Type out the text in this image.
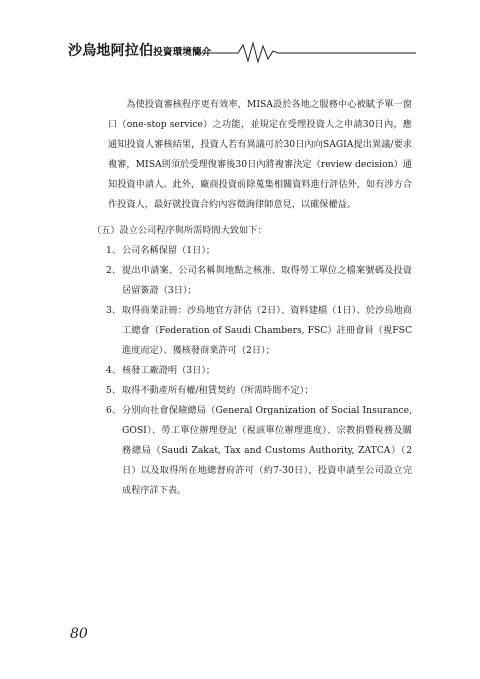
沙烏地阿拉伯投資環境簡介

為使投資審核程序更有效率，MISA設於各地之服務中心被賦予單一窗口（one-stop service）之功能，並規定在受理投資人之申請30日內，應通知投資人審核結果，投資人若有異議可於30日內向SAGIA提出異議/要求複審，MISA則須於受理復審後30日內將複審決定（review decision）通知投資申請人。此外，廠商投資前除蒐集相關資料進行評估外，如有涉方合作投資人，最好就投資合約內容徵詢律師意見，以確保權益。

（五）設立公司程序與所需時間大致如下：

1、 公司名稱保留（1日）；
2、 提出申請案、公司名稱與地點之核准、取得勞工單位之檔案號碼及投資居留簽證（3日）；
3、 取得商業註冊：沙烏地官方評估（2日）、資料建檔（1日）、於沙烏地商工總會（Federation of Saudi Chambers, FSC）註冊會員（視FSC進度而定）、獲核發商業許可（2日）；
4、 核發工廠證明（3日）；
5、 取得不動產所有權/租賃契約（所需時間不定）；
6、 分別向社會保險總局（General Organization of Social Insurance, GOSI）、勞工單位辦理登記（視該單位辦理進度）、宗教捐暨稅務及關務總局（Saudi Zakat, Tax and Customs Authority, ZATCA）（2日）以及取得所在地總督府許可（約7-30日），投資申請至公司設立完成程序詳下表。
80
